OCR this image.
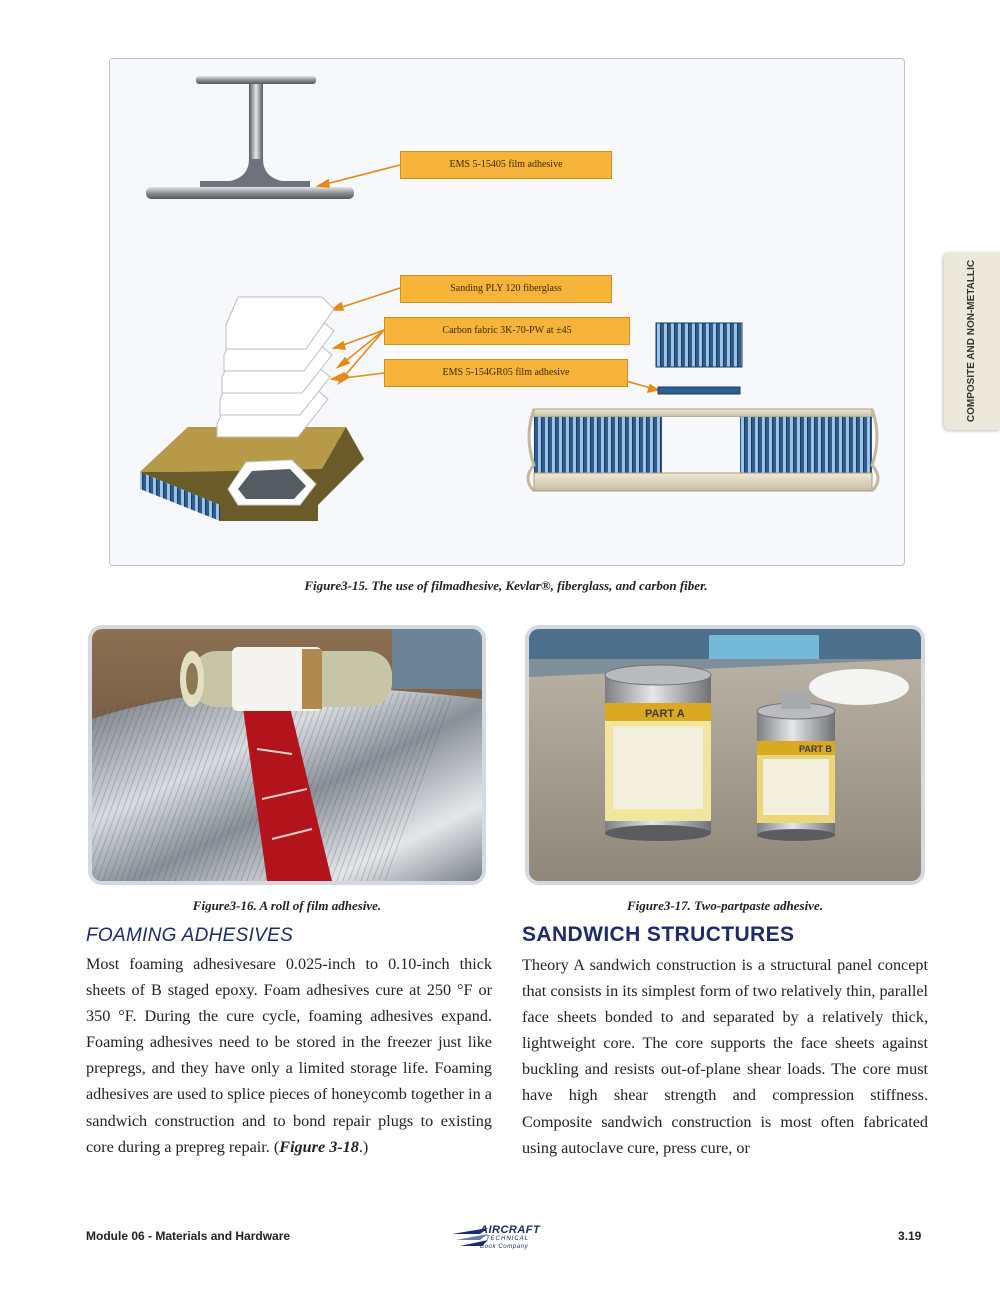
COMPOSITE AND NON-METALLIC
EMS 5-15405 film adhesive
Sanding PLY 120 fiberglass
Carbon fabric 3K-70-PW at ±45
EMS 5-154GR05 film adhesive
Figure3-15. The use of filmadhesive, Kevlar®, fiberglass, and carbon fiber.
Figure3-16. A roll of film adhesive.
PART A
PART B
Figure3-17. Two-partpaste adhesive.
FOAMING ADHESIVES
Most foaming adhesivesare 0.025-inch to 0.10-inch thick sheets of B staged epoxy. Foam adhesives cure at 250 °F or 350 °F. During the cure cycle, foaming adhesives expand. Foaming adhesives need to be stored in the freezer just like prepregs, and they have only a limited storage life. Foaming adhesives are used to splice pieces of honeycomb together in a sandwich construction and to bond repair plugs to existing core during a prepreg repair. (Figure 3-18.)
SANDWICH STRUCTURES
Theory A sandwich construction is a structural panel concept that consists in its simplest form of two relatively thin, parallel face sheets bonded to and separated by a relatively thick, lightweight core. The core supports the face sheets against buckling and resists out-of-plane shear loads. The core must have high shear strength and compression stiffness. Composite sandwich construction is most often fabricated using autoclave cure, press cure, or
Module 06 - Materials and Hardware	AIRCRAFT
TECHNICAL
Book Company
3.19
